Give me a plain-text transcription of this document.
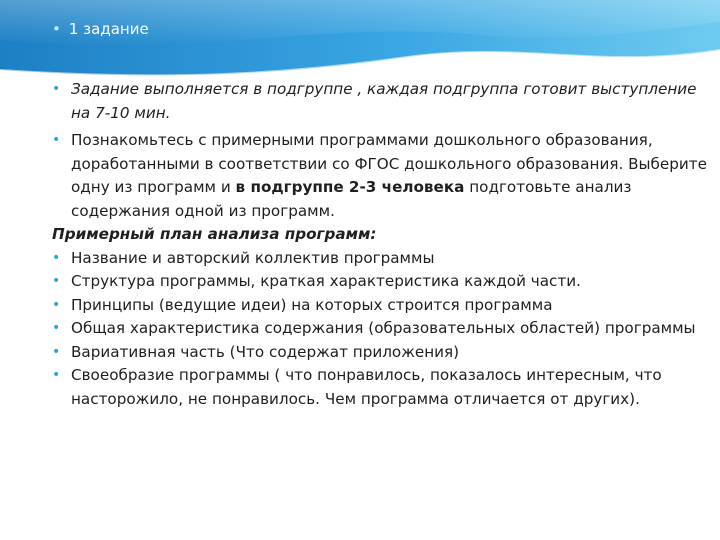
• 1 задание
• Задание выполняется в подгруппе , каждая подгруппа готовит выступление на 7-10 мин.
• Познакомьтесь с примерными программами дошкольного образования, доработанными в соответствии со ФГОС дошкольного образования. Выберите одну из программ и в подгруппе 2-3 человека подготовьте анализ содержания одной из программ.
Примерный план анализа программ:
• Название и авторский коллектив программы
• Структура программы, краткая характеристика каждой части.
• Принципы (ведущие идеи) на которых строится программа
• Общая характеристика содержания (образовательных областей) программы
• Вариативная часть (Что содержат приложения)
• Своеобразие программы ( что понравилось, показалось интересным, что насторожило, не понравилось. Чем программа отличается от других).
